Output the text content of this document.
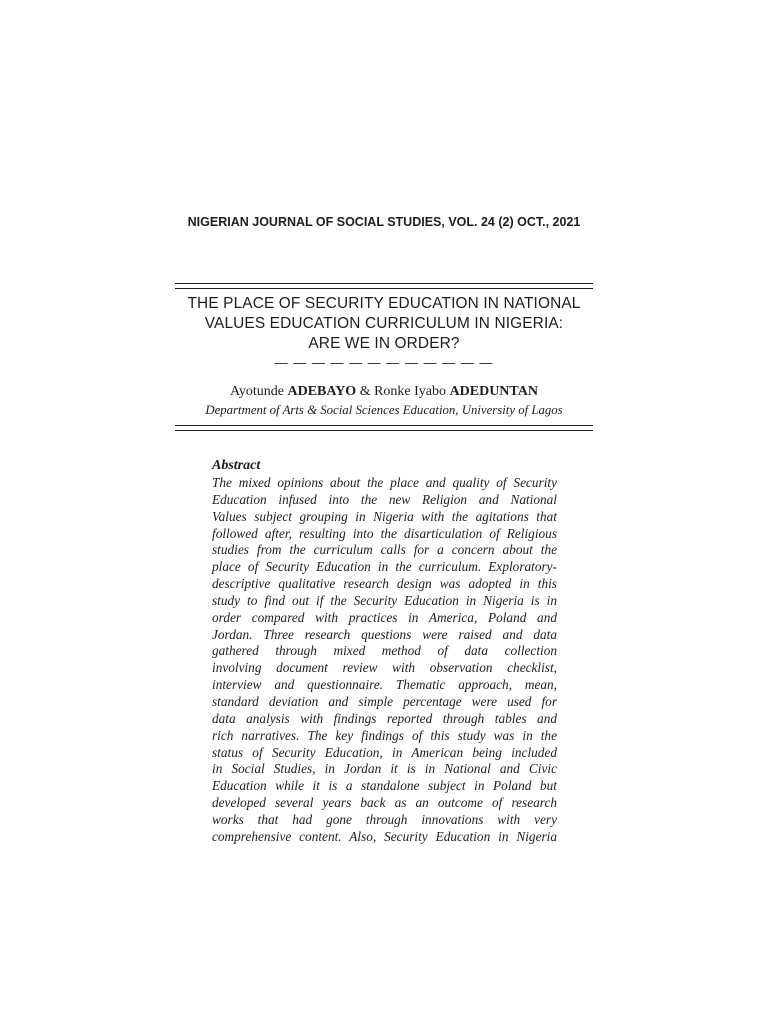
NIGERIAN JOURNAL OF SOCIAL STUDIES, VOL. 24 (2) OCT., 2021
THE PLACE OF SECURITY EDUCATION IN NATIONAL
VALUES EDUCATION CURRICULUM IN NIGERIA:
ARE WE IN ORDER?
— — — — — — — — — — — —
Ayotunde ADEBAYO & Ronke Iyabo ADEDUNTAN
Department of Arts & Social Sciences Education, University of Lagos
Abstract
The mixed opinions about the place and quality of Security
Education infused into the new Religion and National
Values subject grouping in Nigeria with the agitations that
followed after, resulting into the disarticulation of Religious
studies from the curriculum calls for a concern about the
place of Security Education in the curriculum. Exploratory-
descriptive qualitative research design was adopted in this
study to find out if the Security Education in Nigeria is in
order compared with practices in America, Poland and
Jordan. Three research questions were raised and data
gathered through mixed method of data collection
involving document review with observation checklist,
interview and questionnaire. Thematic approach, mean,
standard deviation and simple percentage were used for
data analysis with findings reported through tables and
rich narratives. The key findings of this study was in the
status of Security Education, in American being included
in Social Studies, in Jordan it is in National and Civic
Education while it is a standalone subject in Poland but
developed several years back as an outcome of research
works that had gone through innovations with very
comprehensive content. Also, Security Education in Nigeria
